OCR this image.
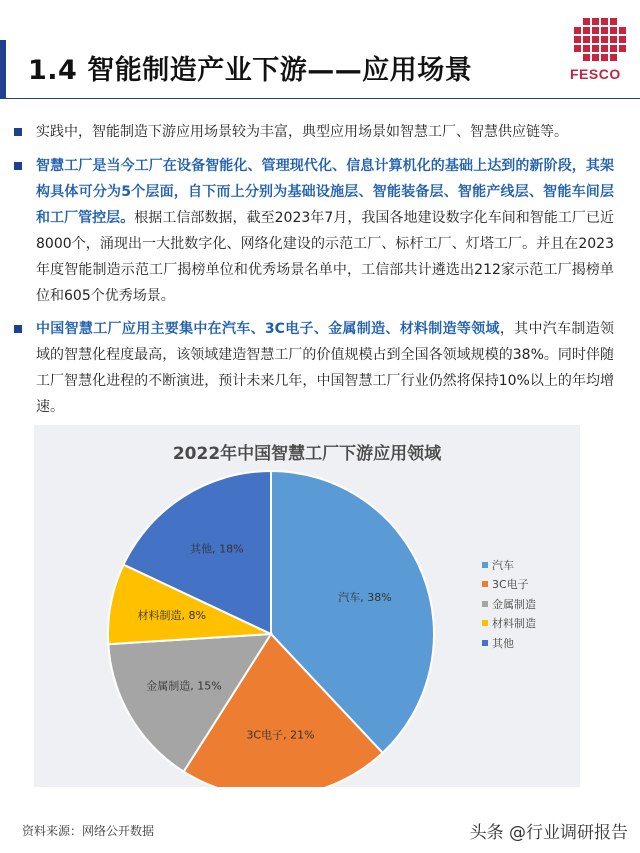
1.4 智能制造产业下游——应用场景	FESCO
实践中，智能制造下游应用场景较为丰富，典型应用场景如智慧工厂、智慧供应链等。
智慧工厂是当今工厂在设备智能化、管理现代化、信息计算机化的基础上达到的新阶段，其架构具体可分为5个层面，自下而上分别为基础设施层、智能装备层、智能产线层、智能车间层和工厂管控层。根据工信部数据，截至2023年7月，我国各地建设数字化车间和智能工厂已近8000个，涌现出一大批数字化、网络化建设的示范工厂、标杆工厂、灯塔工厂。并且在2023年度智能制造示范工厂揭榜单位和优秀场景名单中，工信部共计遴选出212家示范工厂揭榜单位和605个优秀场景。
中国智慧工厂应用主要集中在汽车、3C电子、金属制造、材料制造等领域，其中汽车制造领域的智慧化程度最高，该领域建造智慧工厂的价值规模占到全国各领域规模的38%。同时伴随工厂智慧化进程的不断演进，预计未来几年，中国智慧工厂行业仍然将保持10%以上的年均增速。
2022年中国智慧工厂下游应用领域
汽车, 38%
3C电子, 21%
金属制造, 15%
材料制造, 8%
其他, 18%
汽车
3C电子
金属制造
材料制造
其他
资料来源：网络公开数据	头条 @行业调研报告
